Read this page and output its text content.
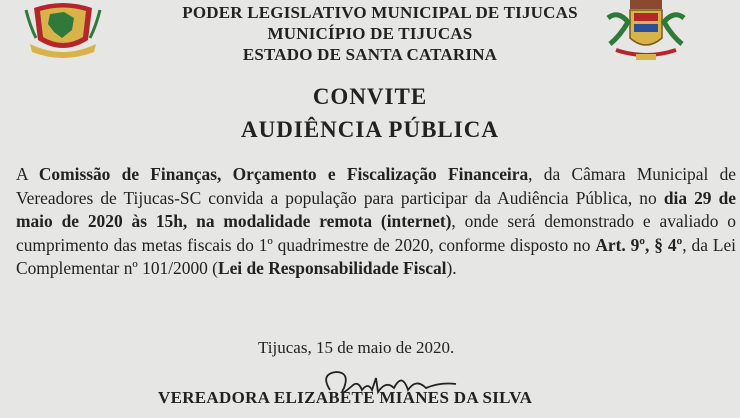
PODER LEGISLATIVO MUNICIPAL DE TIJUCAS
MUNICÍPIO DE TIJUCAS
ESTADO DE SANTA CATARINA
CONVITE
AUDIÊNCIA PÚBLICA
A Comissão de Finanças, Orçamento e Fiscalização Financeira, da Câmara Municipal de Vereadores de Tijucas-SC convida a população para participar da Audiência Pública, no dia 29 de maio de 2020 às 15h, na modalidade remota (internet), onde será demonstrado e avaliado o cumprimento das metas fiscais do 1º quadrimestre de 2020, conforme disposto no Art. 9º, § 4º, da Lei Complementar nº 101/2000 (Lei de Responsabilidade Fiscal).
Tijucas, 15 de maio de 2020.
VEREADORA ELIZABETE MIANES DA SILVA
